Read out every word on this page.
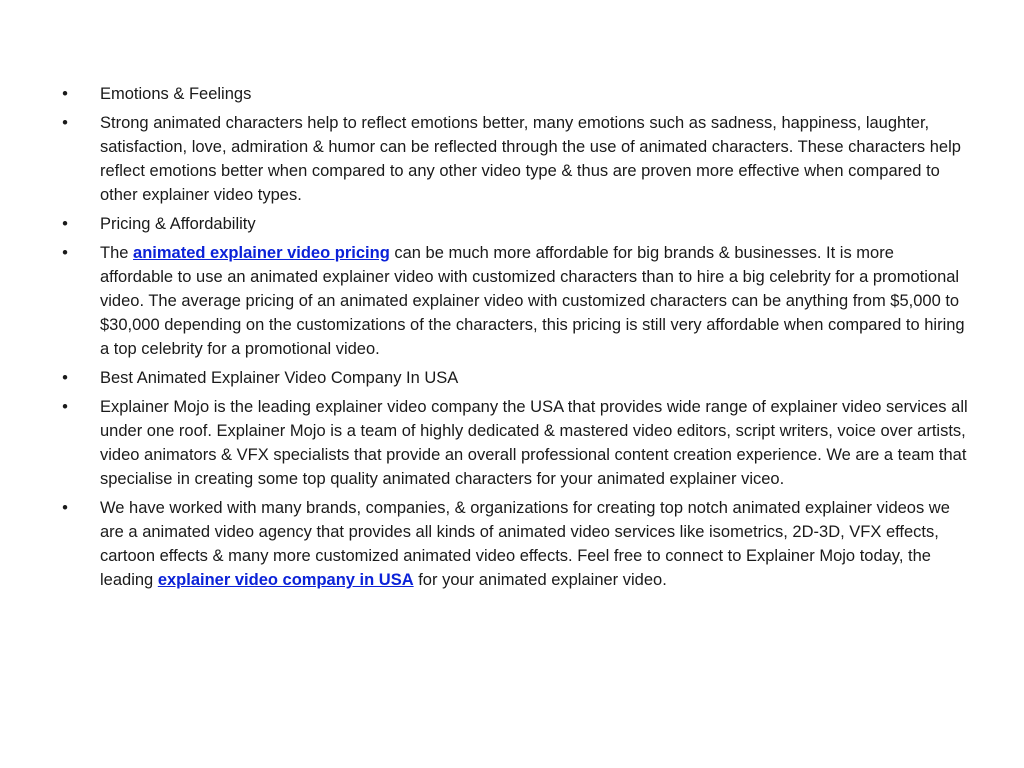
• Emotions & Feelings
• Strong animated characters help to reflect emotions better, many emotions such as sadness, happiness, laughter, satisfaction, love, admiration & humor can be reflected through the use of animated characters. These characters help reflect emotions better when compared to any other video type & thus are proven more effective when compared to other explainer video types.
• Pricing & Affordability
• The animated explainer video pricing can be much more affordable for big brands & businesses. It is more affordable to use an animated explainer video with customized characters than to hire a big celebrity for a promotional video. The average pricing of an animated explainer video with customized characters can be anything from $5,000 to $30,000 depending on the customizations of the characters, this pricing is still very affordable when compared to hiring a top celebrity for a promotional video.
• Best Animated Explainer Video Company In USA
• Explainer Mojo is the leading explainer video company the USA that provides wide range of explainer video services all under one roof. Explainer Mojo is a team of highly dedicated & mastered video editors, script writers, voice over artists, video animators & VFX specialists that provide an overall professional content creation experience. We are a team that specialise in creating some top quality animated characters for your animated explainer viceo.
• We have worked with many brands, companies, & organizations for creating top notch animated explainer videos we are a animated video agency that provides all kinds of animated video services like isometrics, 2D-3D, VFX effects, cartoon effects & many more customized animated video effects. Feel free to connect to Explainer Mojo today, the leading explainer video company in USA for your animated explainer video.
